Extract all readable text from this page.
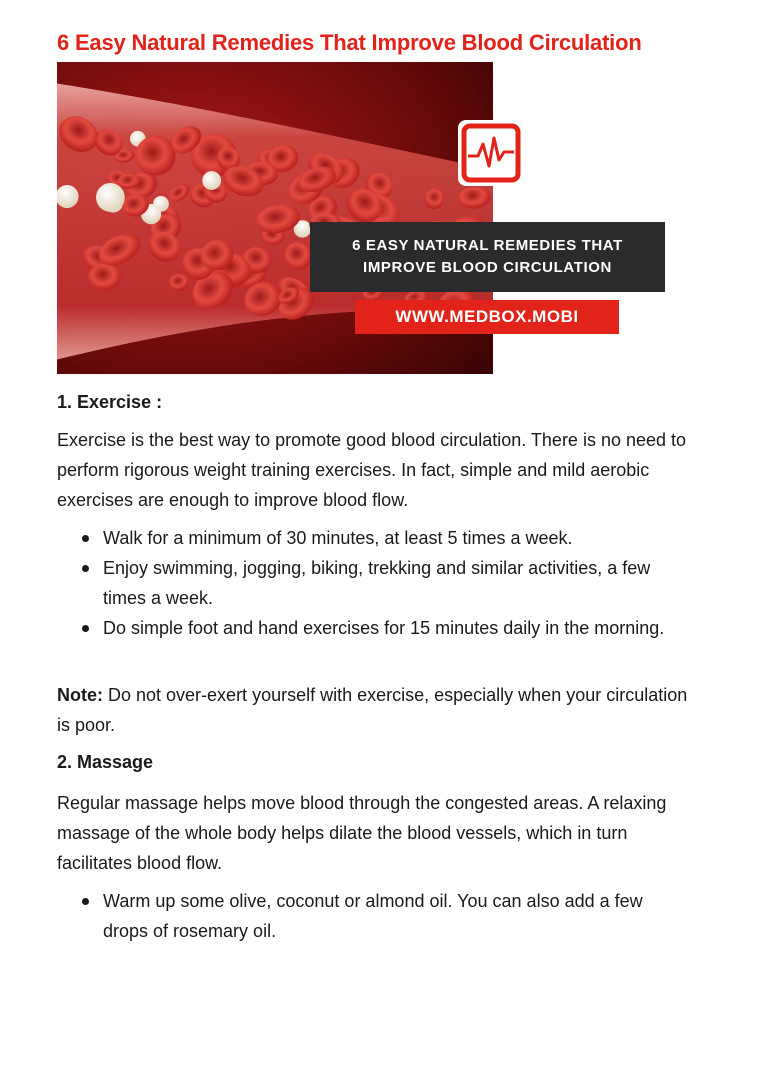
6 Easy Natural Remedies That Improve Blood Circulation
6 EASY NATURAL REMEDIES THAT
IMPROVE BLOOD CIRCULATION
WWW.MEDBOX.MOBI
1. Exercise :
Exercise is the best way to promote good blood circulation. There is no need to perform rigorous weight training exercises. In fact, simple and mild aerobic exercises are enough to improve blood flow.
Walk for a minimum of 30 minutes, at least 5 times a week.
Enjoy swimming, jogging, biking, trekking and similar activities, a few times a week.
Do simple foot and hand exercises for 15 minutes daily in the morning.
Note: Do not over-exert yourself with exercise, especially when your circulation is poor.
2. Massage
Regular massage helps move blood through the congested areas. A relaxing massage of the whole body helps dilate the blood vessels, which in turn facilitates blood flow.
Warm up some olive, coconut or almond oil. You can also add a few drops of rosemary oil.
